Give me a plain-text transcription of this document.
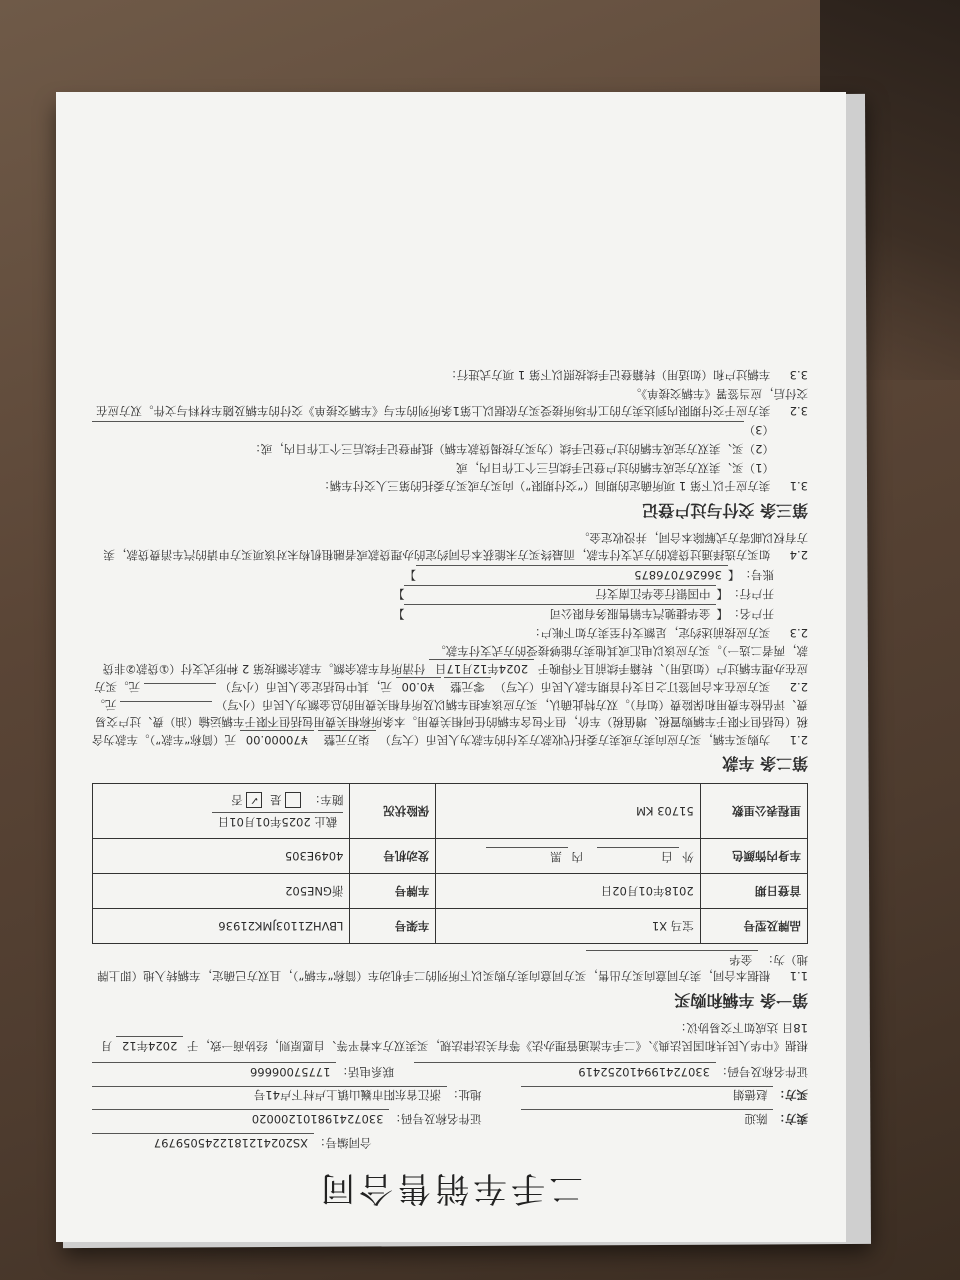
二手车销售合同
合同编号：
XS2024121812245059797
卖方：
陈迎
证件名称及号码：
330724198101200020
买方：
赵德娟
地址：
浙江省东阳市巍山镇上卢村下卢41号
证件名称及号码：
330724199410252419
联系电话：
17757006666
根据《中华人民共和国民法典》、《二手车流通管理办法》等有关法律法规，买卖双方本着平等、自愿原则，经协商一致，于 2024年12 月18日 达成如下交易协议：
第一条 车辆和购买
1.1 根据本合同，卖方同意向买方出售，买方同意向卖方购买以下所列的二手机动车（简称“车辆”），且双方已确定，车辆转入地（即上牌地）为： 金华
品牌及型号	宝马 X1	车架号	LBVHZ1103JMK21936
首登日期	2018年01月02日	车牌号	浙GNE502
车身内饰颜色	外 白 内 黑	发动机号	4049E305
里程表公里数	51703 KM	保险状况	截止 2025年01月01日
随车：  是 ✓ 否
第二条 车款
2.1 为购买车辆，买方应向卖方或卖方委托代收款方支付的车款为人民币（大写） 柒万元整 ¥70000.00 元（简称“车款”）。车款为含税（包括但不限于车辆购置税、增值税）车价，但不包含车辆的任何相关费用。本条所称相关费用包括但不限于车辆运输（油）费、过户交易费、评估检车费用和保险费（如有）。双方特此确认，买方应该承担车辆以及所有相关费用的总金额为人民币（小写）  元。
2.2 买方应在本合同签订之日支付首期车款人民币（大写） 零元整 ¥0.00 元，其中包括定金人民币（小写）  元。买方应在办理车辆过户（如适用）、转籍手续前且不得晚于 2024年12月17日 付清所有车款余额。车款余额按第 2 种形式支付（①贷款②非贷款，两者二选一）。买方应该以电汇或其他卖方能够接受的方式支付车款。
2.3 买方应按前述约定，足额支付至卖方如下帐户：
开户名：
【
金华捷驰汽车销售服务有限公司
】
开户行：
【
中国银行金华江南支行
】
账号：
【
366267076875
】
2.4 如买方选择通过贷款的方式支付车款，而最终买方未能获本合同约定的办理贷款或者融租机构未对该项买方申请的汽车消费贷款，卖方有权以邮寄方式解除本合同，并没收定金。
第三条 交付与过户登记
3.1 卖方应于以下第 1 项所确定的期间（“交付期限”）向买方或买方委托的第三人交付车辆：
（1）买、卖双方完成车辆的过户登记手续后三个工作日内，或
（2）买、卖双方完成车辆的过户登记手续（为买方按揭贷款车辆）抵押登记手续后三个工作日内，或：
（3）

3.2 卖方应于交付期限内到达卖方的工作场所接受买方依据以上第1条所列的车与《车辆交接单》交付的车辆及随车材料与文件。双方应在交付后，应当签署《车辆交接单》。
3.3 车辆过户和（如适用）转籍登记手续按照以下第 1 项方式进行：
